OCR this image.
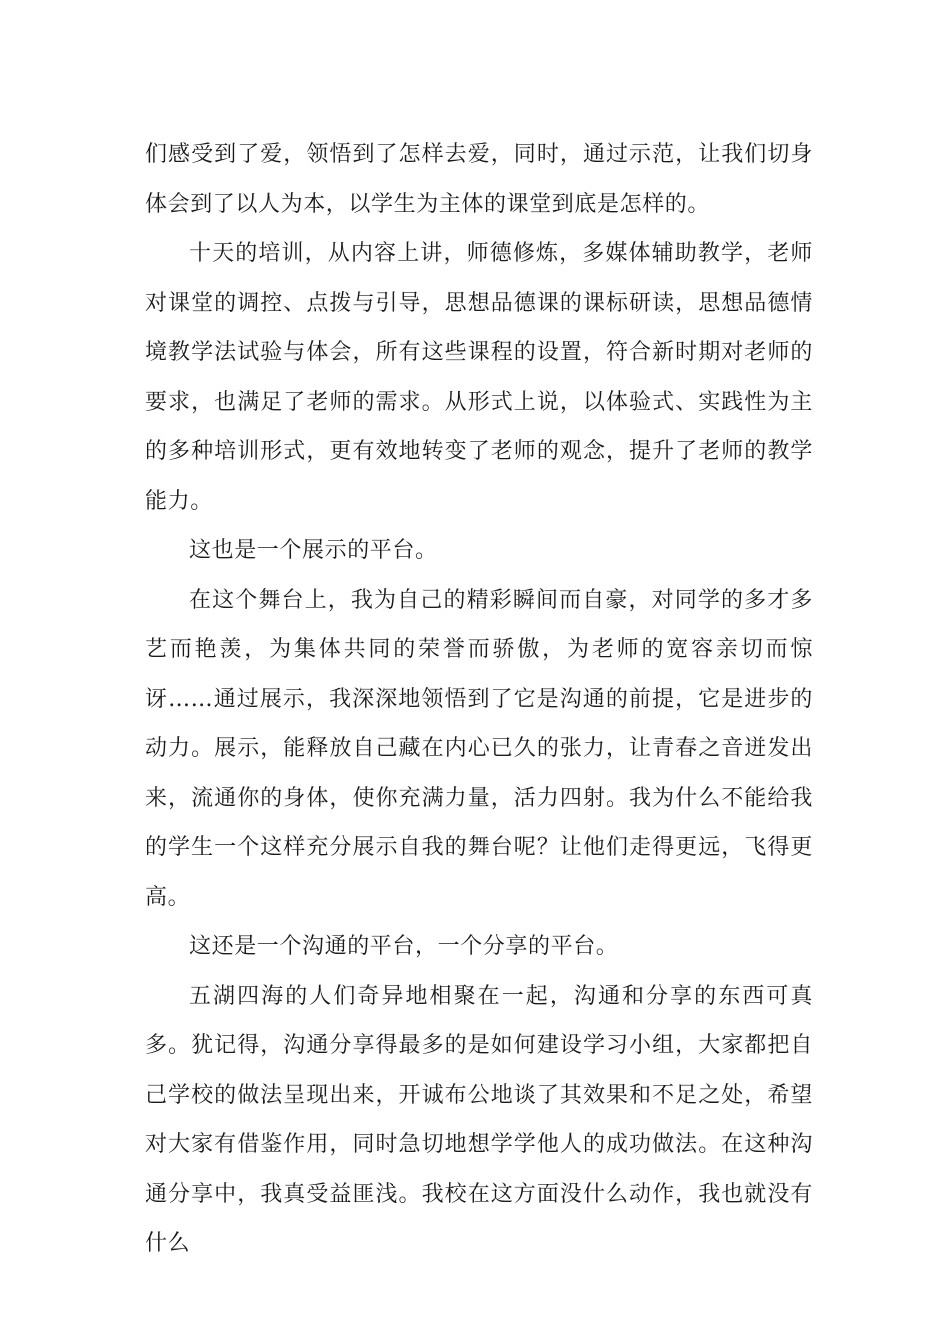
们感受到了爱，领悟到了怎样去爱，同时，通过示范，让我们切身体会到了以人为本，以学生为主体的课堂到底是怎样的。

十天的培训，从内容上讲，师德修炼，多媒体辅助教学，老师对课堂的调控、点拨与引导，思想品德课的课标研读，思想品德情境教学法试验与体会，所有这些课程的设置，符合新时期对老师的要求，也满足了老师的需求。从形式上说，以体验式、实践性为主的多种培训形式，更有效地转变了老师的观念，提升了老师的教学能力。

这也是一个展示的平台。

在这个舞台上，我为自己的精彩瞬间而自豪，对同学的多才多艺而艳羡，为集体共同的荣誉而骄傲，为老师的宽容亲切而惊讶……通过展示，我深深地领悟到了它是沟通的前提，它是进步的动力。展示，能释放自己藏在内心已久的张力，让青春之音迸发出来，流通你的身体，使你充满力量，活力四射。我为什么不能给我的学生一个这样充分展示自我的舞台呢？让他们走得更远，飞得更高。

这还是一个沟通的平台，一个分享的平台。

五湖四海的人们奇异地相聚在一起，沟通和分享的东西可真多。犹记得，沟通分享得最多的是如何建设学习小组，大家都把自己学校的做法呈现出来，开诚布公地谈了其效果和不足之处，希望对大家有借鉴作用，同时急切地想学学他人的成功做法。在这种沟通分享中，我真受益匪浅。我校在这方面没什么动作，我也就没有什么
